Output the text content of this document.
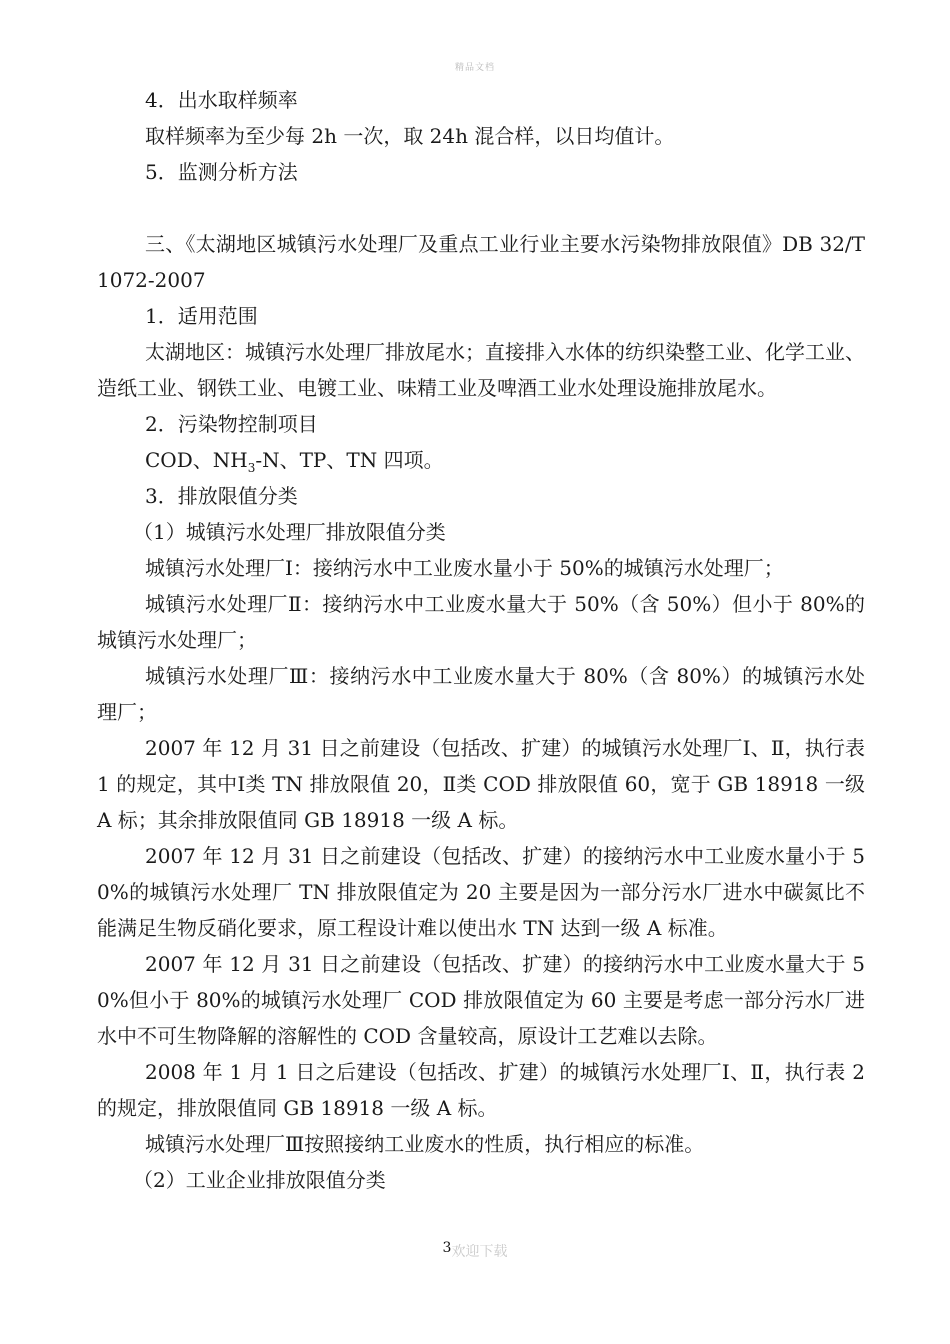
精品文档

4．出水取样频率

取样频率为至少每 2h 一次，取 24h 混合样，以日均值计。

5．监测分析方法

三、《太湖地区城镇污水处理厂及重点工业行业主要水污染物排放限值》DB 32/T1072-2007

1．适用范围

太湖地区：城镇污水处理厂排放尾水；直接排入水体的纺织染整工业、化学工业、造纸工业、钢铁工业、电镀工业、味精工业及啤酒工业水处理设施排放尾水。

2．污染物控制项目

COD、$NH_3-N$、TP、TN 四项。

3．排放限值分类

（1）城镇污水处理厂排放限值分类

城镇污水处理厂Ⅰ：接纳污水中工业废水量小于 50%的城镇污水处理厂；

城镇污水处理厂Ⅱ：接纳污水中工业废水量大于 50%（含 50%）但小于 80%的城镇污水处理厂；

城镇污水处理厂Ⅲ：接纳污水中工业废水量大于 80%（含 80%）的城镇污水处理厂；

2007 年 12 月 31 日之前建设（包括改、扩建）的城镇污水处理厂Ⅰ、Ⅱ，执行表 1 的规定，其中Ⅰ类 TN 排放限值 20，Ⅱ类 COD 排放限值 60，宽于 GB 18918 一级 A 标；其余排放限值同 GB 18918 一级 A 标。

2007 年 12 月 31 日之前建设（包括改、扩建）的接纳污水中工业废水量小于 50%的城镇污水处理厂 TN 排放限值定为 20 主要是因为一部分污水厂进水中碳氮比不能满足生物反硝化要求，原工程设计难以使出水 TN 达到一级 A 标准。

2007 年 12 月 31 日之前建设（包括改、扩建）的接纳污水中工业废水量大于 50%但小于 80%的城镇污水处理厂 COD 排放限值定为 60 主要是考虑一部分污水厂进水中不可生物降解的溶解性的 COD 含量较高，原设计工艺难以去除。

2008 年 1 月 1 日之后建设（包括改、扩建）的城镇污水处理厂Ⅰ、Ⅱ，执行表 2 的规定，排放限值同 GB 18918 一级 A 标。

城镇污水处理厂Ⅲ按照接纳工业废水的性质，执行相应的标准。

（2）工业企业排放限值分类

3欢迎下载
